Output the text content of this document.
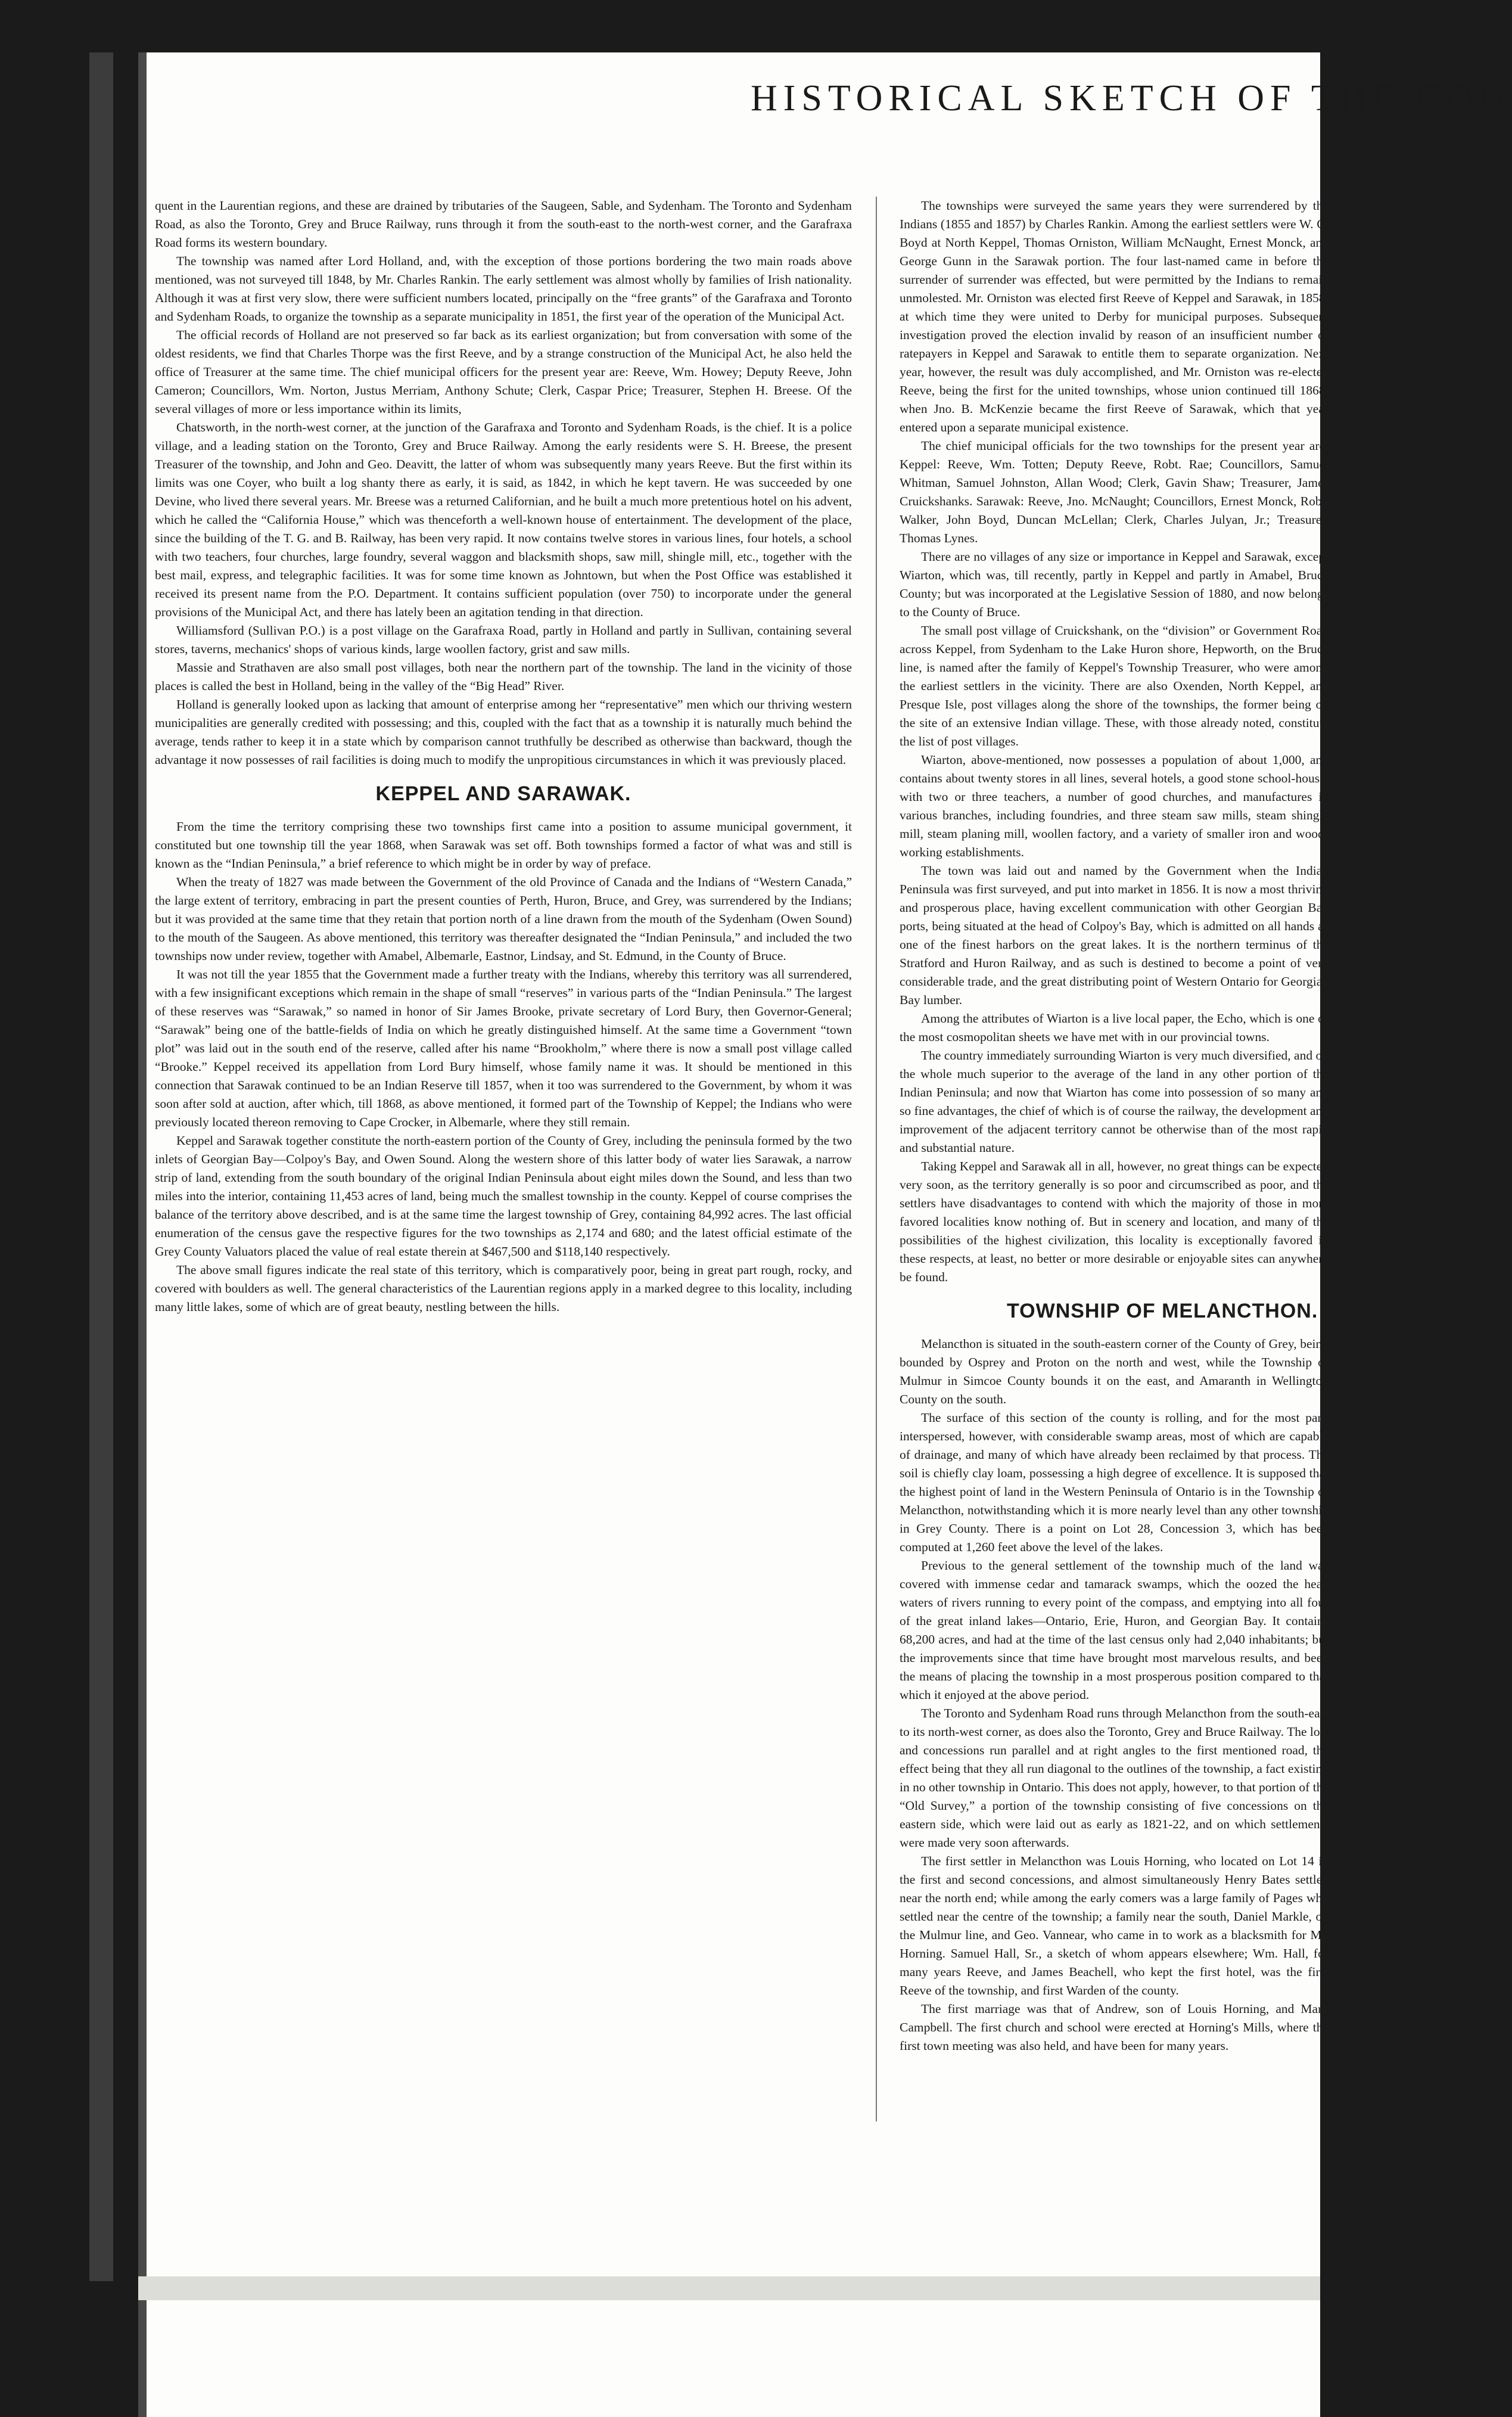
HISTORICAL SKETCH OF THE COU

quent in the Laurentian regions, and these are drained by tributaries of the Saugeen, Sable, and Sydenham. The Toronto and Sydenham Road, as also the Toronto, Grey and Bruce Railway, runs through it from the south-east to the north-west corner, and the Garafraxa Road forms its western boundary.

The township was named after Lord Holland, and, with the exception of those portions bordering the two main roads above mentioned, was not surveyed till 1848, by Mr. Charles Rankin. The early settlement was almost wholly by families of Irish nationality. Although it was at first very slow, there were sufficient numbers located, principally on the “free grants” of the Garafraxa and Toronto and Sydenham Roads, to organize the township as a separate municipality in 1851, the first year of the operation of the Municipal Act.

The official records of Holland are not preserved so far back as its earliest organization; but from conversation with some of the oldest residents, we find that Charles Thorpe was the first Reeve, and by a strange construction of the Municipal Act, he also held the office of Treasurer at the same time. The chief municipal officers for the present year are: Reeve, Wm. Howey; Deputy Reeve, John Cameron; Councillors, Wm. Norton, Justus Merriam, Anthony Schute; Clerk, Caspar Price; Treasurer, Stephen H. Breese. Of the several villages of more or less importance within its limits,

Chatsworth, in the north-west corner, at the junction of the Garafraxa and Toronto and Sydenham Roads, is the chief. It is a police village, and a leading station on the Toronto, Grey and Bruce Railway. Among the early residents were S. H. Breese, the present Treasurer of the township, and John and Geo. Deavitt, the latter of whom was subsequently many years Reeve. But the first within its limits was one Coyer, who built a log shanty there as early, it is said, as 1842, in which he kept tavern. He was succeeded by one Devine, who lived there several years. Mr. Breese was a returned Californian, and he built a much more pretentious hotel on his advent, which he called the “California House,” which was thenceforth a well-known house of entertainment. The development of the place, since the building of the T. G. and B. Railway, has been very rapid. It now contains twelve stores in various lines, four hotels, a school with two teachers, four churches, large foundry, several waggon and blacksmith shops, saw mill, shingle mill, etc., together with the best mail, express, and telegraphic facilities. It was for some time known as Johntown, but when the Post Office was established it received its present name from the P.O. Department. It contains sufficient population (over 750) to incorporate under the general provisions of the Municipal Act, and there has lately been an agitation tending in that direction.

Williamsford (Sullivan P.O.) is a post village on the Garafraxa Road, partly in Holland and partly in Sullivan, containing several stores, taverns, mechanics' shops of various kinds, large woollen factory, grist and saw mills.

Massie and Strathaven are also small post villages, both near the northern part of the township. The land in the vicinity of those places is called the best in Holland, being in the valley of the “Big Head” River.

Holland is generally looked upon as lacking that amount of enterprise among her “representative” men which our thriving western municipalities are generally credited with possessing; and this, coupled with the fact that as a township it is naturally much behind the average, tends rather to keep it in a state which by comparison cannot truthfully be described as otherwise than backward, though the advantage it now possesses of rail facilities is doing much to modify the unpropitious circumstances in which it was previously placed.

KEPPEL AND SARAWAK.

From the time the territory comprising these two townships first came into a position to assume municipal government, it constituted but one township till the year 1868, when Sarawak was set off. Both townships formed a factor of what was and still is known as the “Indian Peninsula,” a brief reference to which might be in order by way of preface.

When the treaty of 1827 was made between the Government of the old Province of Canada and the Indians of “Western Canada,” the large extent of territory, embracing in part the present counties of Perth, Huron, Bruce, and Grey, was surrendered by the Indians; but it was provided at the same time that they retain that portion north of a line drawn from the mouth of the Sydenham (Owen Sound) to the mouth of the Saugeen. As above mentioned, this territory was thereafter designated the “Indian Peninsula,” and included the two townships now under review, together with Amabel, Albemarle, Eastnor, Lindsay, and St. Edmund, in the County of Bruce.

It was not till the year 1855 that the Government made a further treaty with the Indians, whereby this territory was all surrendered, with a few insignificant exceptions which remain in the shape of small “reserves” in various parts of the “Indian Peninsula.” The largest of these reserves was “Sarawak,” so named in honor of Sir James Brooke, private secretary of Lord Bury, then Governor-General; “Sarawak” being one of the battle-fields of India on which he greatly distinguished himself. At the same time a Government “town plot” was laid out in the south end of the reserve, called after his name “Brookholm,” where there is now a small post village called “Brooke.” Keppel received its appellation from Lord Bury himself, whose family name it was. It should be mentioned in this connection that Sarawak continued to be an Indian Reserve till 1857, when it too was surrendered to the Government, by whom it was soon after sold at auction, after which, till 1868, as above mentioned, it formed part of the Township of Keppel; the Indians who were previously located thereon removing to Cape Crocker, in Albemarle, where they still remain.

Keppel and Sarawak together constitute the north-eastern portion of the County of Grey, including the peninsula formed by the two inlets of Georgian Bay—Colpoy's Bay, and Owen Sound. Along the western shore of this latter body of water lies Sarawak, a narrow strip of land, extending from the south boundary of the original Indian Peninsula about eight miles down the Sound, and less than two miles into the interior, containing 11,453 acres of land, being much the smallest township in the county. Keppel of course comprises the balance of the territory above described, and is at the same time the largest township of Grey, containing 84,992 acres. The last official enumeration of the census gave the respective figures for the two townships as 2,174 and 680; and the latest official estimate of the Grey County Valuators placed the value of real estate therein at $467,500 and $118,140 respectively.

The above small figures indicate the real state of this territory, which is comparatively poor, being in great part rough, rocky, and covered with boulders as well. The general characteristics of the Laurentian regions apply in a marked degree to this locality, including many little lakes, some of which are of great beauty, nestling between the hills.

The townships were surveyed the same years they were surrendered by the Indians (1855 and 1857) by Charles Rankin. Among the earliest settlers were W. C. Boyd at North Keppel, Thomas Orniston, William McNaught, Ernest Monck, and George Gunn in the Sarawak portion. The four last-named came in before the surrender of surrender was effected, but were permitted by the Indians to remain unmolested. Mr. Orniston was elected first Reeve of Keppel and Sarawak, in 1858, at which time they were united to Derby for municipal purposes. Subsequent investigation proved the election invalid by reason of an insufficient number of ratepayers in Keppel and Sarawak to entitle them to separate organization. Next year, however, the result was duly accomplished, and Mr. Orniston was re-elected Reeve, being the first for the united townships, whose union continued till 1868, when Jno. B. McKenzie became the first Reeve of Sarawak, which that year entered upon a separate municipal existence.

The chief municipal officials for the two townships for the present year are: Keppel: Reeve, Wm. Totten; Deputy Reeve, Robt. Rae; Councillors, Samuel Whitman, Samuel Johnston, Allan Wood; Clerk, Gavin Shaw; Treasurer, James Cruickshanks. Sarawak: Reeve, Jno. McNaught; Councillors, Ernest Monck, Robt. Walker, John Boyd, Duncan McLellan; Clerk, Charles Julyan, Jr.; Treasurer, Thomas Lynes.

There are no villages of any size or importance in Keppel and Sarawak, except Wiarton, which was, till recently, partly in Keppel and partly in Amabel, Bruce County; but was incorporated at the Legislative Session of 1880, and now belongs to the County of Bruce.

The small post village of Cruickshank, on the “division” or Government Road across Keppel, from Sydenham to the Lake Huron shore, Hepworth, on the Bruce line, is named after the family of Keppel's Township Treasurer, who were among the earliest settlers in the vicinity. There are also Oxenden, North Keppel, and Presque Isle, post villages along the shore of the townships, the former being on the site of an extensive Indian village. These, with those already noted, constitute the list of post villages.

Wiarton, above-mentioned, now possesses a population of about 1,000, and contains about twenty stores in all lines, several hotels, a good stone school-house, with two or three teachers, a number of good churches, and manufactures in various branches, including foundries, and three steam saw mills, steam shingle mill, steam planing mill, woollen factory, and a variety of smaller iron and wood-working establishments.

The town was laid out and named by the Government when the Indian Peninsula was first surveyed, and put into market in 1856. It is now a most thriving and prosperous place, having excellent communication with other Georgian Bay ports, being situated at the head of Colpoy's Bay, which is admitted on all hands as one of the finest harbors on the great lakes. It is the northern terminus of the Stratford and Huron Railway, and as such is destined to become a point of very considerable trade, and the great distributing point of Western Ontario for Georgian Bay lumber.

Among the attributes of Wiarton is a live local paper, the Echo, which is one of the most cosmopolitan sheets we have met with in our provincial towns.

The country immediately surrounding Wiarton is very much diversified, and on the whole much superior to the average of the land in any other portion of the Indian Peninsula; and now that Wiarton has come into possession of so many and so fine advantages, the chief of which is of course the railway, the development and improvement of the adjacent territory cannot be otherwise than of the most rapid and substantial nature.

Taking Keppel and Sarawak all in all, however, no great things can be expected very soon, as the territory generally is so poor and circumscribed as poor, and the settlers have disadvantages to contend with which the majority of those in more favored localities know nothing of. But in scenery and location, and many of the possibilities of the highest civilization, this locality is exceptionally favored in these respects, at least, no better or more desirable or enjoyable sites can anywhere be found.

TOWNSHIP OF MELANCTHON.

Melancthon is situated in the south-eastern corner of the County of Grey, being bounded by Osprey and Proton on the north and west, while the Township of Mulmur in Simcoe County bounds it on the east, and Amaranth in Wellington County on the south.

The surface of this section of the county is rolling, and for the most part, interspersed, however, with considerable swamp areas, most of which are capable of drainage, and many of which have already been reclaimed by that process. The soil is chiefly clay loam, possessing a high degree of excellence. It is supposed that the highest point of land in the Western Peninsula of Ontario is in the Township of Melancthon, notwithstanding which it is more nearly level than any other township in Grey County. There is a point on Lot 28, Concession 3, which has been computed at 1,260 feet above the level of the lakes.

Previous to the general settlement of the township much of the land was covered with immense cedar and tamarack swamps, which the oozed the head waters of rivers running to every point of the compass, and emptying into all four of the great inland lakes—Ontario, Erie, Huron, and Georgian Bay. It contains 68,200 acres, and had at the time of the last census only had 2,040 inhabitants; but the improvements since that time have brought most marvelous results, and been the means of placing the township in a most prosperous position compared to that which it enjoyed at the above period.

The Toronto and Sydenham Road runs through Melancthon from the south-east to its north-west corner, as does also the Toronto, Grey and Bruce Railway. The lots and concessions run parallel and at right angles to the first mentioned road, the effect being that they all run diagonal to the outlines of the township, a fact existing in no other township in Ontario. This does not apply, however, to that portion of the “Old Survey,” a portion of the township consisting of five concessions on the eastern side, which were laid out as early as 1821-22, and on which settlements were made very soon afterwards.

The first settler in Melancthon was Louis Horning, who located on Lot 14 in the first and second concessions, and almost simultaneously Henry Bates settled near the north end; while among the early comers was a large family of Pages who settled near the centre of the township; a family near the south, Daniel Markle, on the Mulmur line, and Geo. Vannear, who came in to work as a blacksmith for Mr. Horning. Samuel Hall, Sr., a sketch of whom appears elsewhere; Wm. Hall, for many years Reeve, and James Beachell, who kept the first hotel, was the first Reeve of the township, and first Warden of the county.

The first marriage was that of Andrew, son of Louis Horning, and Mary Campbell. The first church and school were erected at Horning's Mills, where the first town meeting was also held, and have been for many years.
